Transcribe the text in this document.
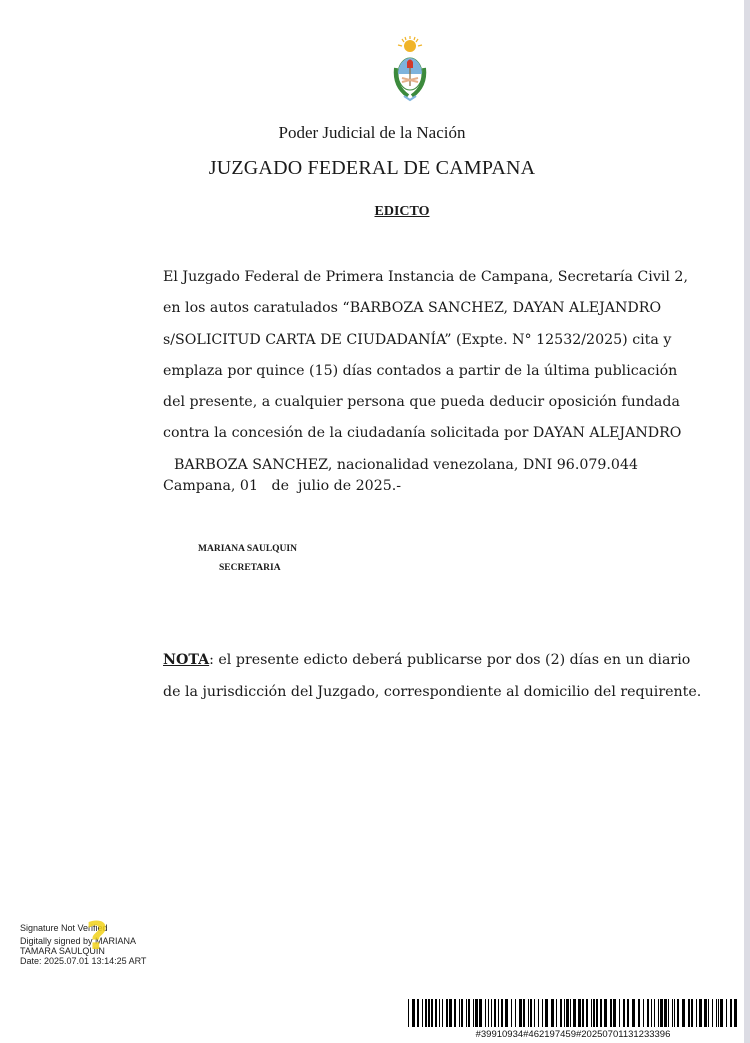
Poder Judicial de la Nación
JUZGADO FEDERAL DE CAMPANA
EDICTO
El Juzgado Federal de Primera Instancia de Campana, Secretaría Civil 2,
en los autos caratulados “BARBOZA SANCHEZ, DAYAN ALEJANDRO
s/SOLICITUD CARTA DE CIUDADANÍA” (Expte. N° 12532/2025) cita y
emplaza por quince (15) días contados a partir de la última publicación
del presente, a cualquier persona que pueda deducir oposición fundada
contra la concesión de la ciudadanía solicitada por DAYAN ALEJANDRO
BARBOZA SANCHEZ, nacionalidad venezolana, DNI 96.079.044
Campana, 01   de  julio de 2025.-
MARIANA SAULQUIN
SECRETARIA
NOTA: el presente edicto deberá publicarse por dos (2) días en un diario
de la jurisdicción del Juzgado, correspondiente al domicilio del requirente.
Signature Not Verified
Digitally signed by MARIANA
TAMARA SAULQUIN
Date: 2025.07.01 13:14:25 ART
?
#39910934#462197459#20250701131233396
